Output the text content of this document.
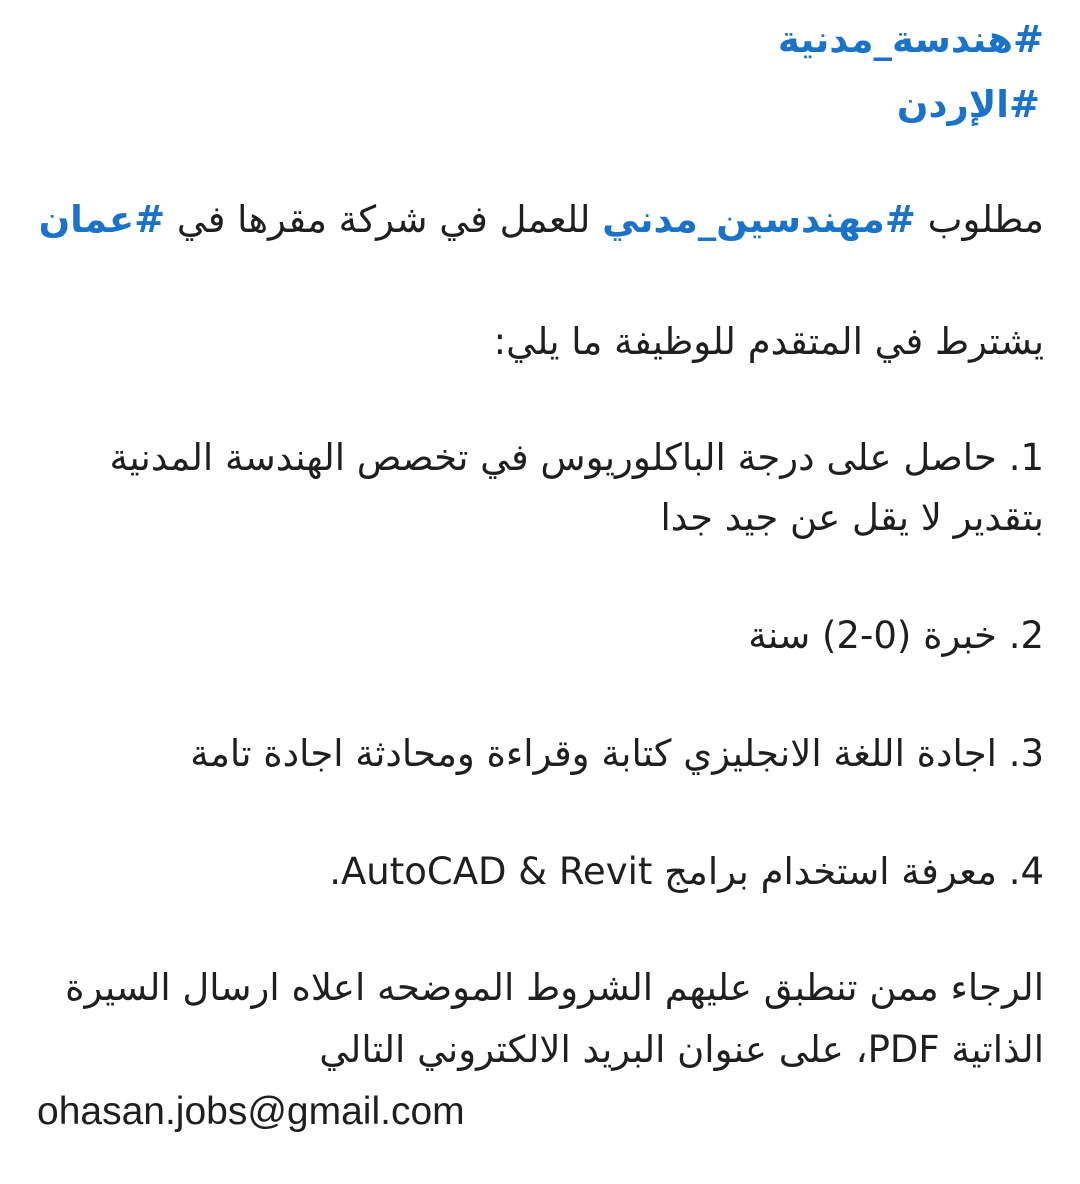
#هندسة_مدنية
#الإردن
مطلوب #مهندسين_مدني للعمل في شركة مقرها في #عمان
يشترط في المتقدم للوظيفة ما يلي:
1. حاصل على درجة الباكلوريوس في تخصص الهندسة المدنية
بتقدير لا يقل عن جيد جدا
2. خبرة (0-2) سنة
3. اجادة اللغة الانجليزي كتابة وقراءة ومحادثة اجادة تامة
4. معرفة استخدام برامج AutoCAD & Revit.
الرجاء ممن تنطبق عليهم الشروط الموضحه اعلاه ارسال السيرة
الذاتية PDF، على عنوان البريد الالكتروني التالي
ohasan.jobs@gmail.com
